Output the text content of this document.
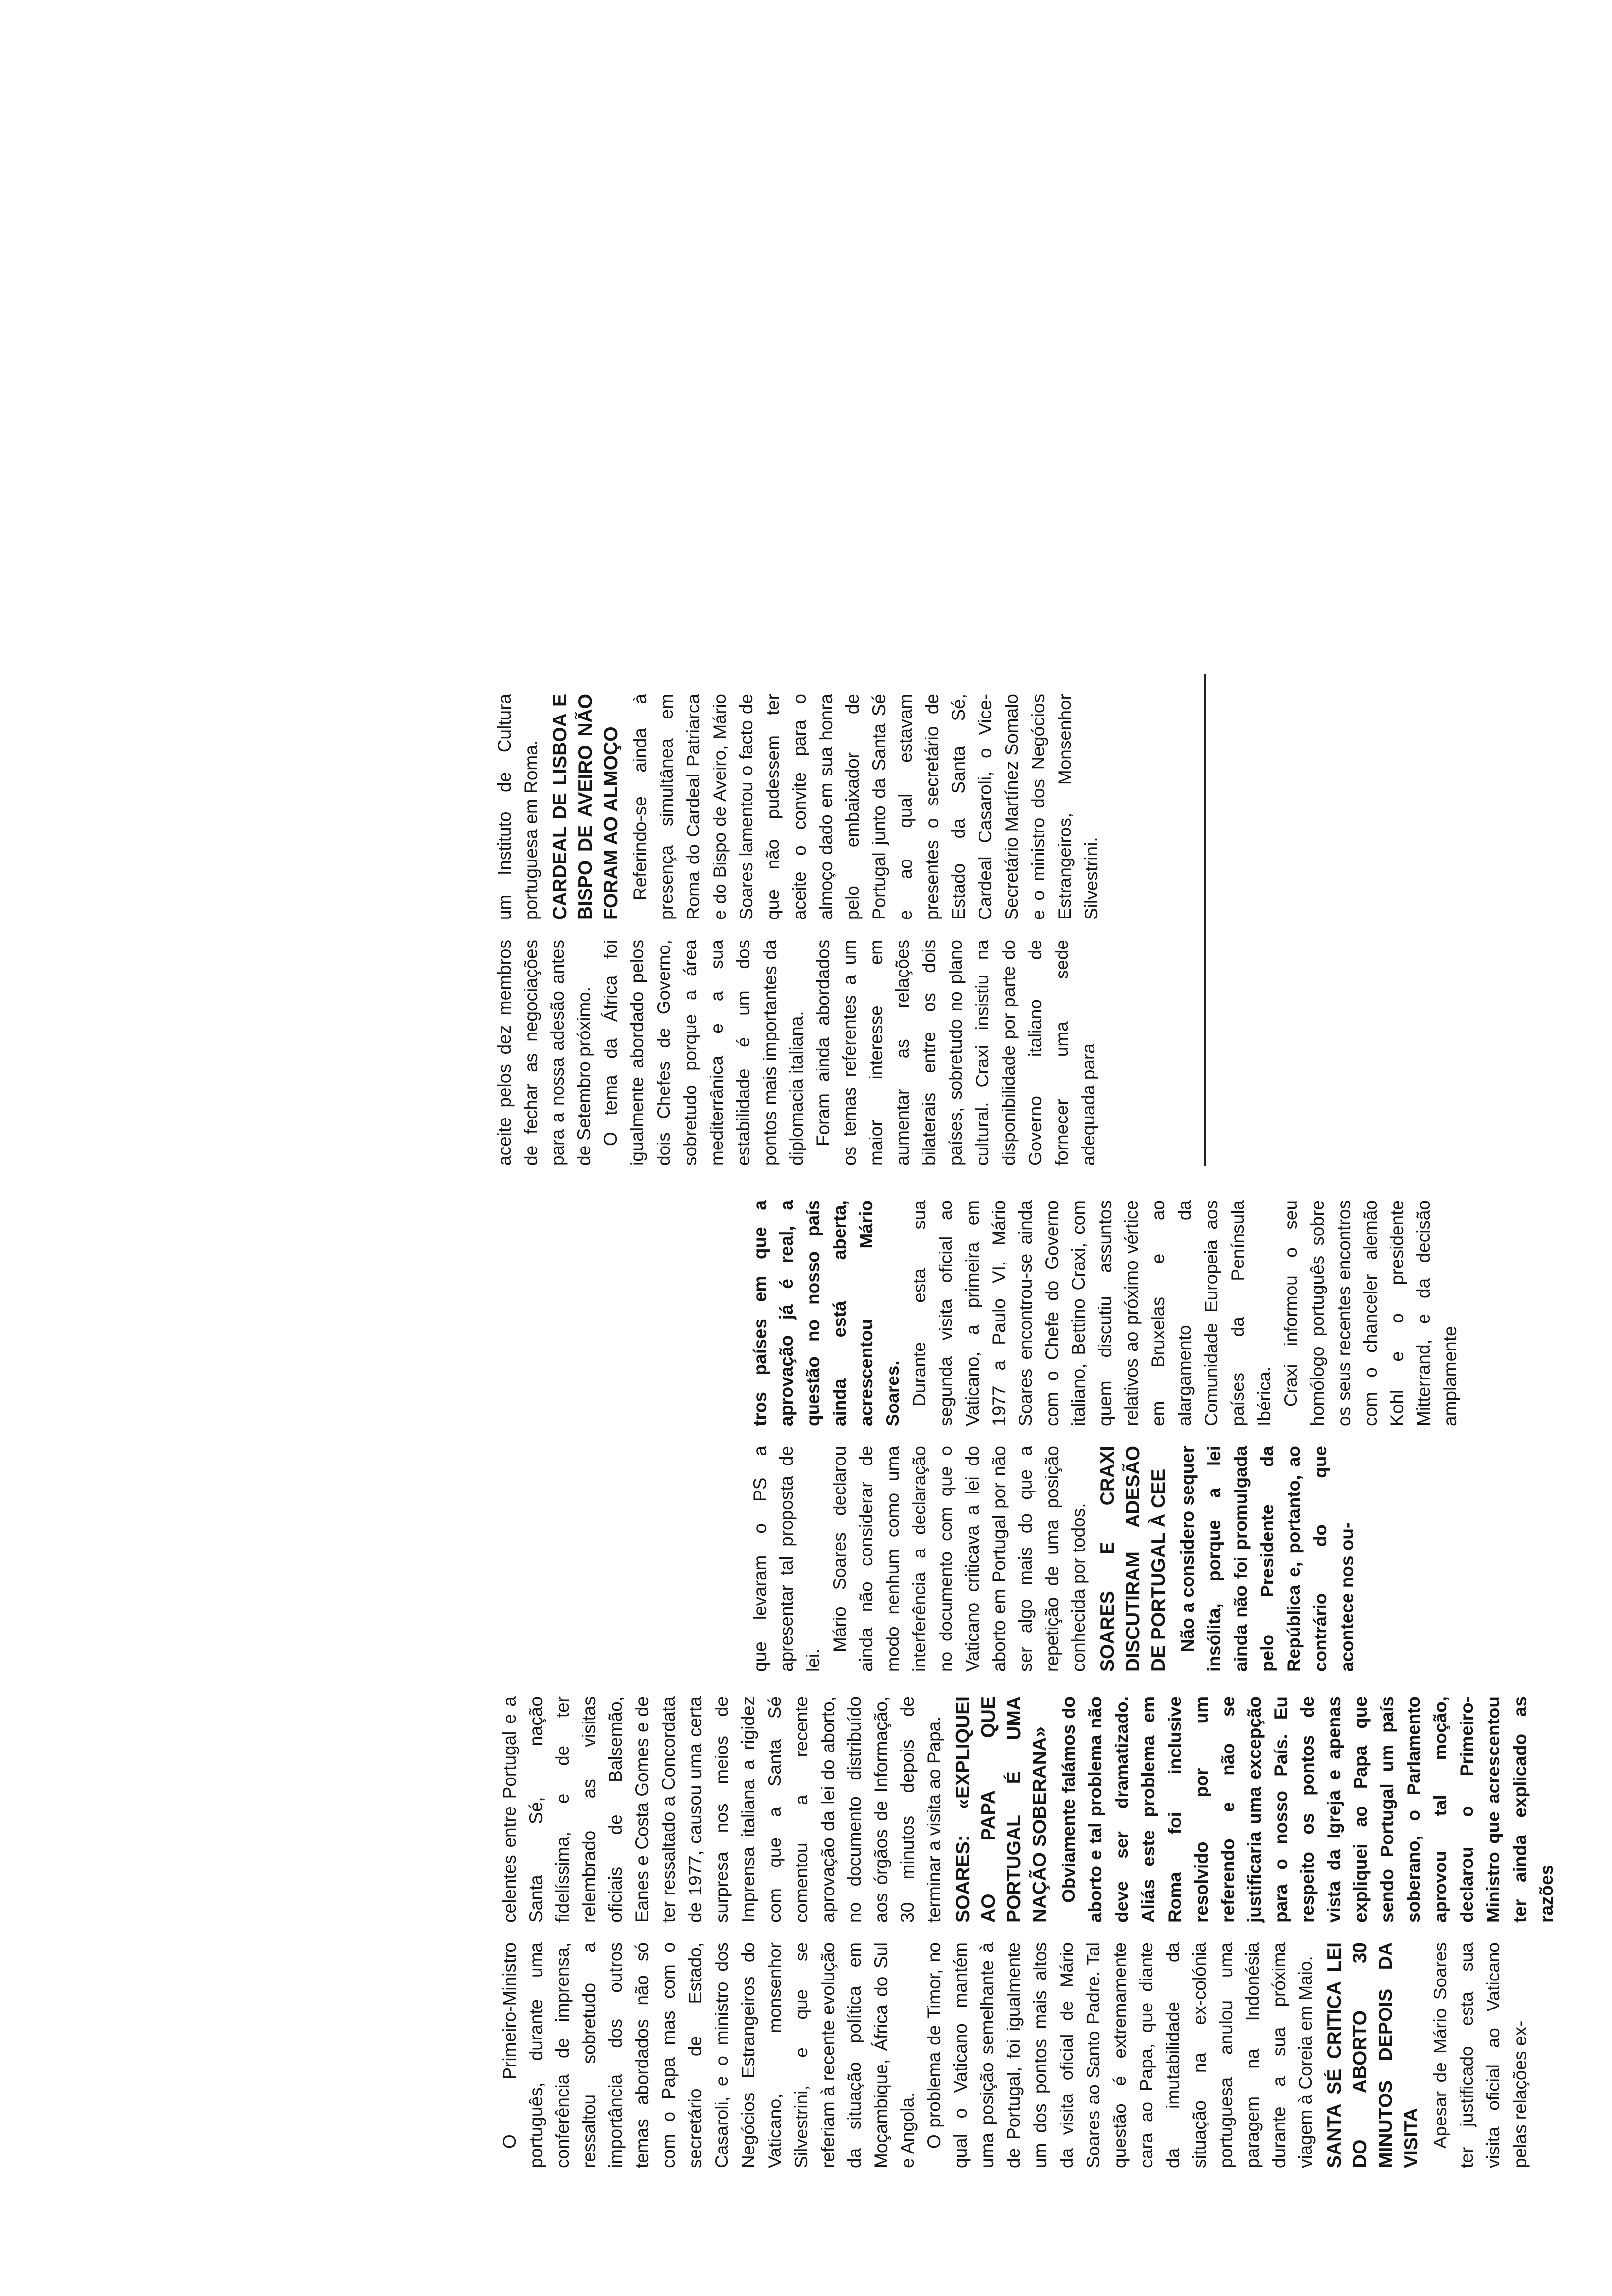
O Primeiro-Ministro português, durante uma conferência de imprensa, ressaltou sobretudo a importância dos outros temas abordados não só com o Papa mas com o secretário de Estado, Casaroli, e o ministro dos Negócios Estrangeiros do Vaticano, monsenhor Silvestrini, e que se referiam à recente evolução da situação política em Moçambique, África do Sul e Angola. O problema de Timor, no qual o Vaticano mantém uma posição semelhante à de Portugal, foi igualmente um dos pontos mais altos da visita oficial de Mário Soares ao Santo Padre. Tal questão é extremamente cara ao Papa, que diante da imutabilidade da situação na ex-colónia portuguesa anulou uma paragem na Indonésia durante a sua próxima viagem à Coreia em Maio. SANTA SÉ CRITICA LEI DO ABORTO 30 MINUTOS DEPOIS DA VISITA Apesar de Mário Soares ter justificado esta sua visita oficial ao Vaticano pelas relações ex-

celentes entre Portugal e a Santa Sé, nação fidelíssima, e de ter relembrado as visitas oficiais de Balsemão, Eanes e Costa Gomes e de ter ressaltado a Concordata de 1977, causou uma certa surpresa nos meios de Imprensa italiana a rigidez com que a Santa Sé comentou a recente aprovação da lei do aborto, no documento distribuído aos órgãos de Informação, 30 minutos depois de terminar a visita ao Papa. SOARES: «EXPLIQUEI AO PAPA QUE PORTUGAL É UMA NAÇÃO SOBERANA» Obviamente falámos do aborto e tal problema não deve ser dramatizado. Aliás este problema em Roma foi inclusive resolvido por um referendo e não se justificaria uma excepção para o nosso País. Eu respeito os pontos de vista da Igreja e apenas expliquei ao Papa que sendo Portugal um país soberano, o Parlamento aprovou tal moção, declarou o Primeiro-Ministro que acrescentou ter ainda explicado as razões

que levaram o PS a apresentar tal proposta de lei.

Mário Soares declarou ainda não considerar de modo nenhum como uma interferência a declaração no documento com que o Vaticano criticava a lei do aborto em Portugal por não ser algo mais do que a repetição de uma posição conhecida por todos. SOARES E CRAXI DISCUTIRAM ADESÃO DE PORTUGAL À CEE Não a considero sequer insólita, porque a lei ainda não foi promulgada pelo Presidente da República e, portanto, ao contrário do que acontece nos ou-

tros países em que a aprovação já é real, a questão no nosso país ainda está aberta, acrescentou Mário Soares. Durante esta sua segunda visita oficial ao Vaticano, a primeira em 1977 a Paulo VI, Mário Soares encontrou-se ainda com o Chefe do Governo italiano, Bettino Craxi, com quem discutiu assuntos relativos ao próximo vértice em Bruxelas e ao alargamento da Comunidade Europeia aos países da Península Ibérica. Craxi informou o seu homólogo português sobre os seus recentes encontros com o chanceler alemão Kohl e o presidente Mitterrand, e da decisão amplamente

aceite pelos dez membros de fechar as negociações para a nossa adesão antes de Setembro próximo. O tema da África foi igualmente abordado pelos dois Chefes de Governo, sobretudo porque a área mediterrânica e a sua estabilidade é um dos pontos mais importantes da diplomacia italiana. Foram ainda abordados os temas referentes a um maior interesse em aumentar as relações bilaterais entre os dois países, sobretudo no plano cultural. Craxi insistiu na disponibilidade por parte do Governo italiano de fornecer uma sede adequada para

um Instituto de Cultura portuguesa em Roma. CARDEAL DE LISBOA E BISPO DE AVEIRO NÃO FORAM AO ALMOÇO Referindo-se ainda à presença simultânea em Roma do Cardeal Patriarca e do Bispo de Aveiro, Mário Soares lamentou o facto de que não pudessem ter aceite o convite para o almoço dado em sua honra pelo embaixador de Portugal junto da Santa Sé e ao qual estavam presentes o secretário de Estado da Santa Sé, Cardeal Casaroli, o Vice-Secretário Martínez Somalo e o ministro dos Negócios Estrangeiros, Monsenhor Silvestrini.
